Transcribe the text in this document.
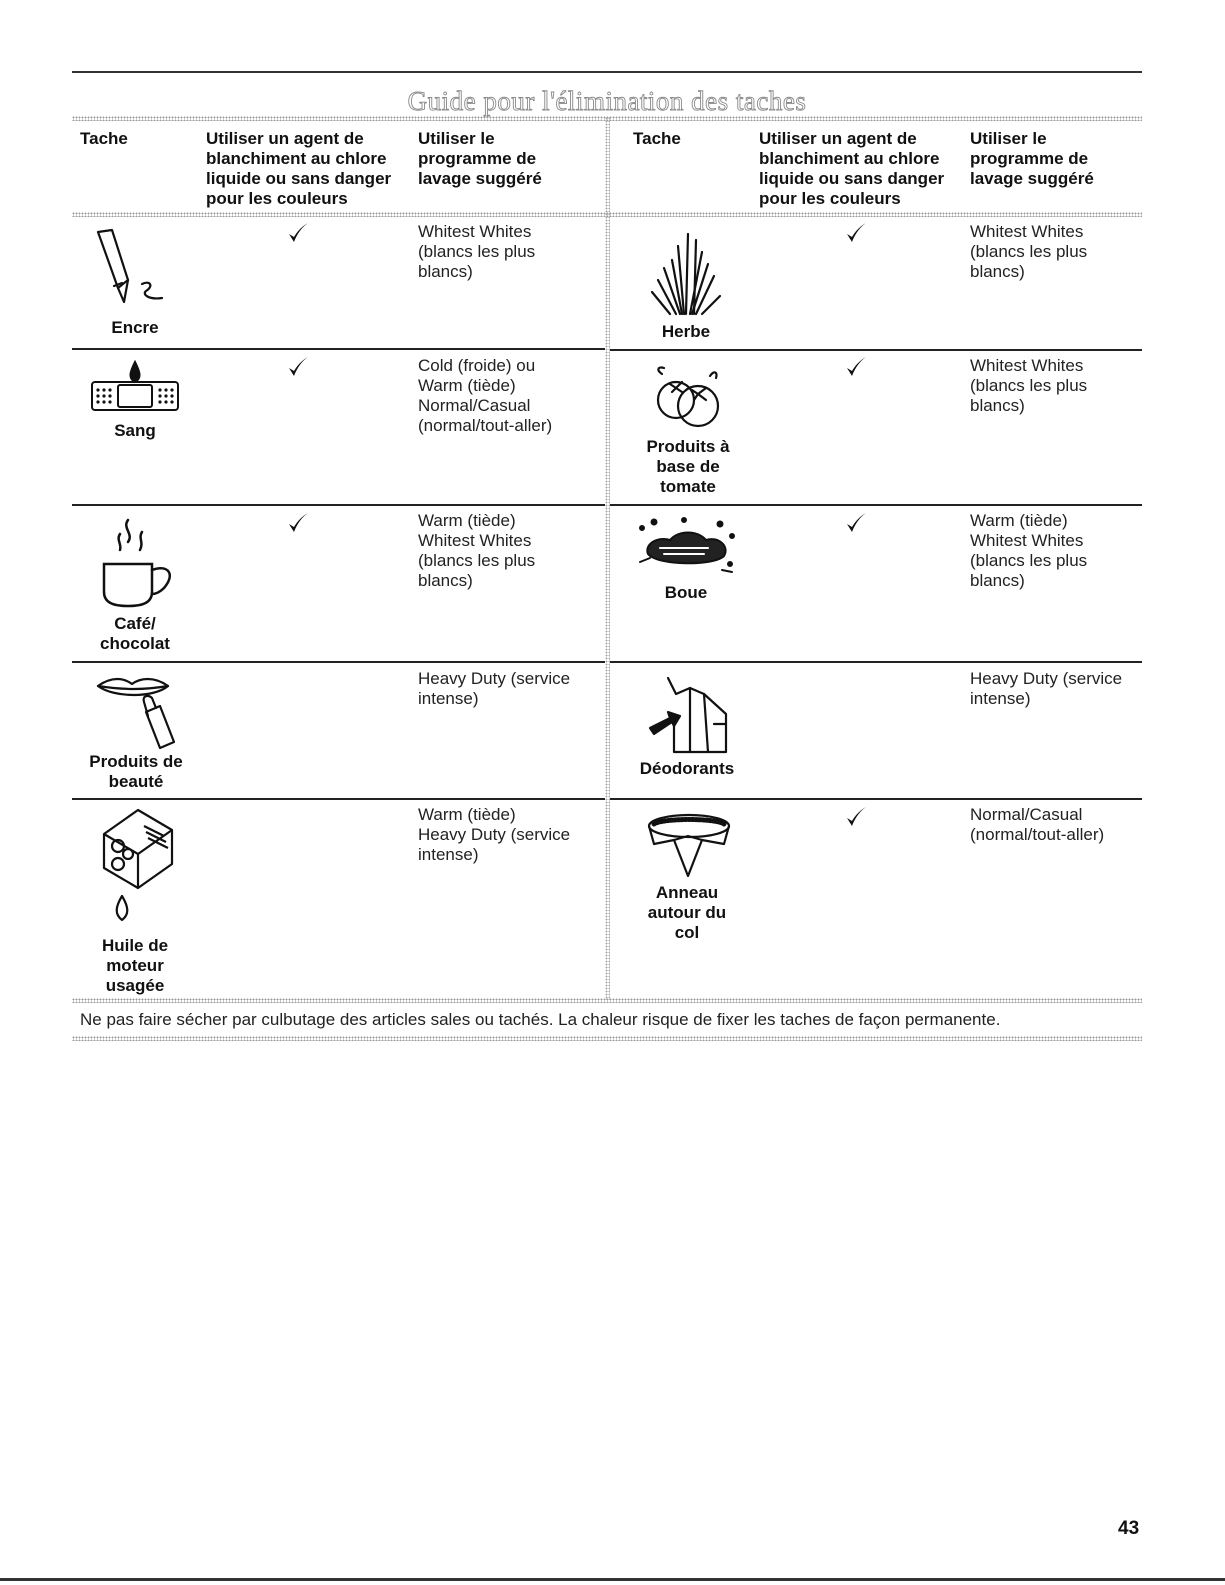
Guide pour l'élimination des taches
Tache	Utiliser un agent de
blanchiment au chlore
liquide ou sans danger
pour les couleurs
Utiliser le
programme de
lavage suggéré
Tache	Utiliser un agent de
blanchiment au chlore
liquide ou sans danger
pour les couleurs
Utiliser le
programme de
lavage suggéré
Encre
Whitest Whites
(blancs les plus
blancs)
Sang
Cold (froide) ou
Warm (tiède)
Normal/Casual
(normal/tout-aller)
Café/
chocolat
Warm (tiède)
Whitest Whites
(blancs les plus
blancs)
Produits de
beauté
Heavy Duty (service
intense)
Huile de
moteur
usagée
Warm (tiède)
Heavy Duty (service
intense)
Herbe
Whitest Whites
(blancs les plus
blancs)
Produits à
base de
tomate
Whitest Whites
(blancs les plus
blancs)
Boue
Warm (tiède)
Whitest Whites
(blancs les plus
blancs)
Déodorants
Heavy Duty (service
intense)
Anneau
autour du
col
Normal/Casual
(normal/tout-aller)
Ne pas faire sécher par culbutage des articles sales ou tachés. La chaleur risque de fixer les taches de façon permanente.
43
